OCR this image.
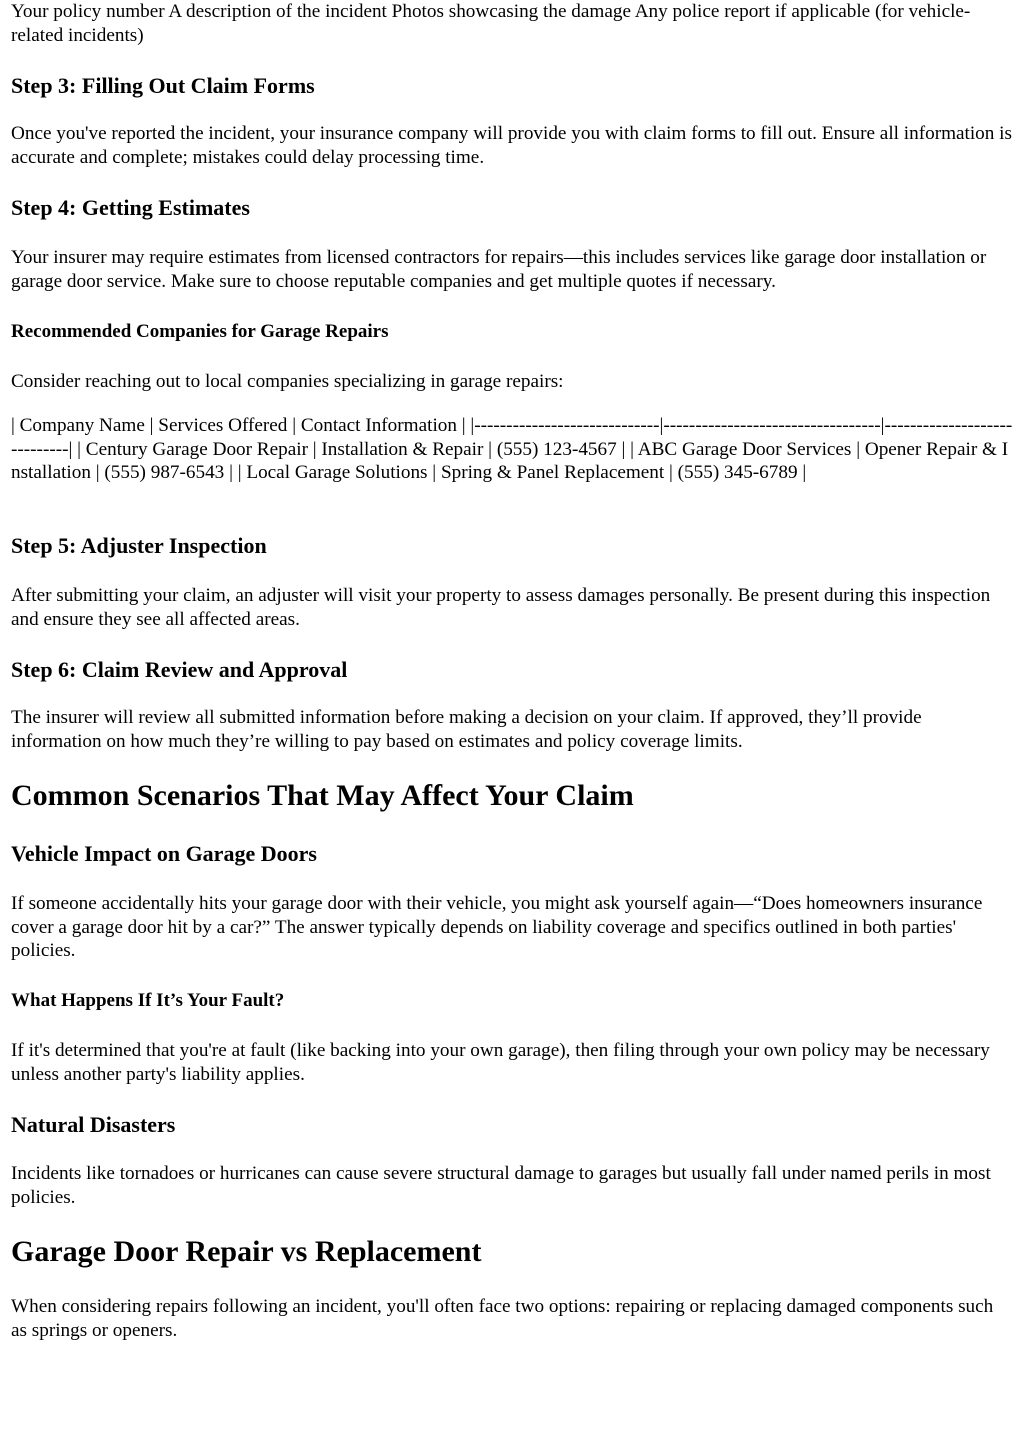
Your policy number A description of the incident Photos showcasing the damage Any police report if applicable (for vehicle-related incidents)

Step 3: Filling Out Claim Forms

Once you've reported the incident, your insurance company will provide you with claim forms to fill out. Ensure all information is accurate and complete; mistakes could delay processing time.

Step 4: Getting Estimates

Your insurer may require estimates from licensed contractors for repairs—this includes services like garage door installation or garage door service. Make sure to choose reputable companies and get multiple quotes if necessary.

Recommended Companies for Garage Repairs

Consider reaching out to local companies specializing in garage repairs:

| Company Name | Services Offered | Contact Information | |-----------------------------|----------------------------------|-----------------------------| | Century Garage Door Repair | Installation & Repair | (555) 123-4567 | | ABC Garage Door Services | Opener Repair & Installation | (555) 987-6543 | | Local Garage Solutions | Spring & Panel Replacement | (555) 345-6789 |

Step 5: Adjuster Inspection

After submitting your claim, an adjuster will visit your property to assess damages personally. Be present during this inspection and ensure they see all affected areas.

Step 6: Claim Review and Approval

The insurer will review all submitted information before making a decision on your claim. If approved, they’ll provide information on how much they’re willing to pay based on estimates and policy coverage limits.

Common Scenarios That May Affect Your Claim
Vehicle Impact on Garage Doors

If someone accidentally hits your garage door with their vehicle, you might ask yourself again—“Does homeowners insurance cover a garage door hit by a car?” The answer typically depends on liability coverage and specifics outlined in both parties' policies.

What Happens If It’s Your Fault?

If it's determined that you're at fault (like backing into your own garage), then filing through your own policy may be necessary unless another party's liability applies.

Natural Disasters

Incidents like tornadoes or hurricanes can cause severe structural damage to garages but usually fall under named perils in most policies.

Garage Door Repair vs Replacement

When considering repairs following an incident, you'll often face two options: repairing or replacing damaged components such as springs or openers.
